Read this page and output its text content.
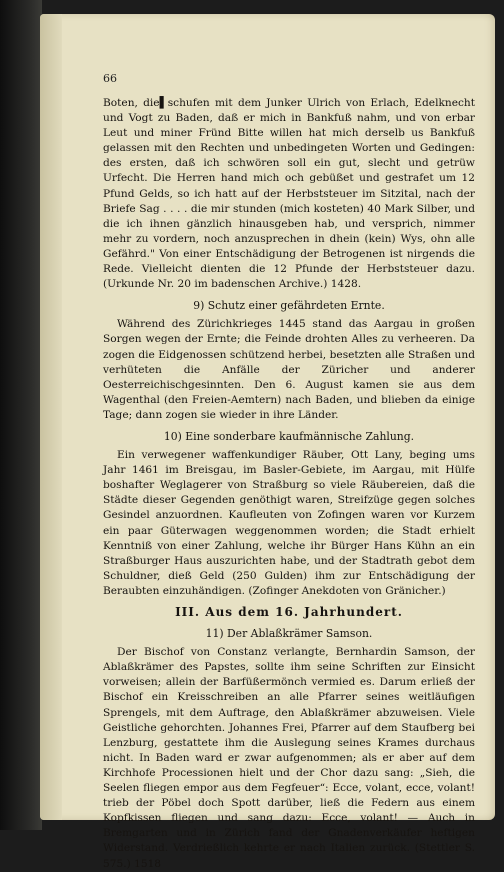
66

Boten, die▌schufen mit dem Junker Ulrich von Erlach, Edelknecht und Vogt zu Baden, daß er mich in Bankfuß nahm, und von erbar Leut und miner Fründ Bitte willen hat mich derselb us Bankfuß gelassen mit den Rechten und unbedingeten Worten und Gedingen: des ersten, daß ich schwören soll ein gut, slecht und getrüw Urfecht. Die Herren hand mich och gebüßet und gestrafet um 12 Pfund Gelds, so ich hatt auf der Herbststeuer im Sitzital, nach der Briefe Sag . . . . die mir stunden (mich kosteten) 40 Mark Silber, und die ich ihnen gänzlich hinausgeben hab, und versprich, nimmer mehr zu vordern, noch anzusprechen in dhein (kein) Wys, ohn alle Gefährd." Von einer Entschädigung der Betrogenen ist nirgends die Rede. Vielleicht dienten die 12 Pfunde der Herbststeuer dazu. (Urkunde Nr. 20 im badenschen Archive.) 1428.

9) Schutz einer gefährdeten Ernte.

Während des Zürichkrieges 1445 stand das Aargau in großen Sorgen wegen der Ernte; die Feinde drohten Alles zu verheeren. Da zogen die Eidgenossen schützend herbei, besetzten alle Straßen und verhüteten die Anfälle der Züricher und anderer Oesterreichischgesinnten. Den 6. August kamen sie aus dem Wagenthal (den Freien-Aemtern) nach Baden, und blieben da einige Tage; dann zogen sie wieder in ihre Länder.

10) Eine sonderbare kaufmännische Zahlung.

Ein verwegener waffenkundiger Räuber, Ott Lany, beging ums Jahr 1461 im Breisgau, im Basler-Gebiete, im Aargau, mit Hülfe boshafter Weglagerer von Straßburg so viele Räubereien, daß die Städte dieser Gegenden genöthigt waren, Streifzüge gegen solches Gesindel anzuordnen. Kaufleuten von Zofingen waren vor Kurzem ein paar Güterwagen weggenommen worden; die Stadt erhielt Kenntniß von einer Zahlung, welche ihr Bürger Hans Kühn an ein Straßburger Haus auszurichten habe, und der Stadtrath gebot dem Schuldner, dieß Geld (250 Gulden) ihm zur Entschädigung der Beraubten einzuhändigen. (Zofinger Anekdoten von Gränicher.)

III. Aus dem 16. Jahrhundert.
11) Der Ablaßkrämer Samson.

Der Bischof von Constanz verlangte, Bernhardin Samson, der Ablaßkrämer des Papstes, sollte ihm seine Schriften zur Einsicht vorweisen; allein der Barfüßermönch vermied es. Darum erließ der Bischof ein Kreisschreiben an alle Pfarrer seines weitläufigen Sprengels, mit dem Auftrage, den Ablaßkrämer abzuweisen. Viele Geistliche gehorchten. Johannes Frei, Pfarrer auf dem Staufberg bei Lenzburg, gestattete ihm die Auslegung seines Krames durchaus nicht. In Baden ward er zwar aufgenommen; als er aber auf dem Kirchhofe Processionen hielt und der Chor dazu sang: „Sieh, die Seelen fliegen empor aus dem Fegfeuer“: Ecce, volant, ecce, volant! trieb der Pöbel doch Spott darüber, ließ die Federn aus einem Kopfkissen fliegen und sang dazu: Ecce, volant! — Auch in Bremgarten und in Zürich fand der Gnadenverkäufer heftigen Widerstand. Verdrießlich kehrte er nach Italien zurück. (Stettler S. 575.) 1518
